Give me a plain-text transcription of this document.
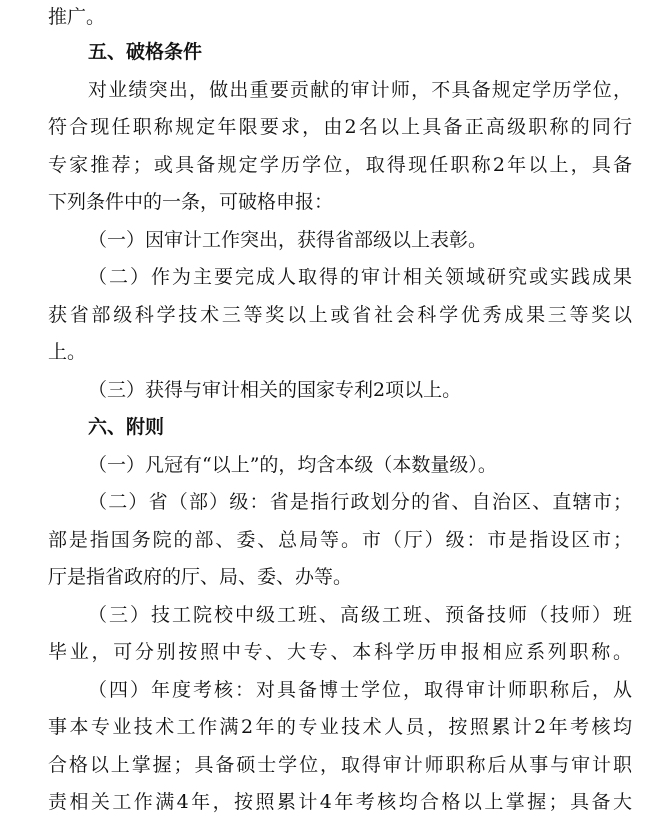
推广。
五、破格条件
对业绩突出，做出重要贡献的审计师，不具备规定学历学位，
符合现任职称规定年限要求，由2名以上具备正高级职称的同行
专家推荐；或具备规定学历学位，取得现任职称2年以上，具备
下列条件中的一条，可破格申报：
（一）因审计工作突出，获得省部级以上表彰。
（二）作为主要完成人取得的审计相关领域研究或实践成果
获省部级科学技术三等奖以上或省社会科学优秀成果三等奖以
上。
（三）获得与审计相关的国家专利2项以上。
六、附则
（一）凡冠有“以上”的，均含本级（本数量级）。
（二）省（部）级：省是指行政划分的省、自治区、直辖市；
部是指国务院的部、委、总局等。市（厅）级：市是指设区市；
厅是指省政府的厅、局、委、办等。
（三）技工院校中级工班、高级工班、预备技师（技师）班
毕业，可分别按照中专、大专、本科学历申报相应系列职称。
（四）年度考核：对具备博士学位，取得审计师职称后，从
事本专业技术工作满2年的专业技术人员，按照累计2年考核均
合格以上掌握；具备硕士学位，取得审计师职称后从事与审计职
责相关工作满4年，按照累计4年考核均合格以上掌握；具备大
